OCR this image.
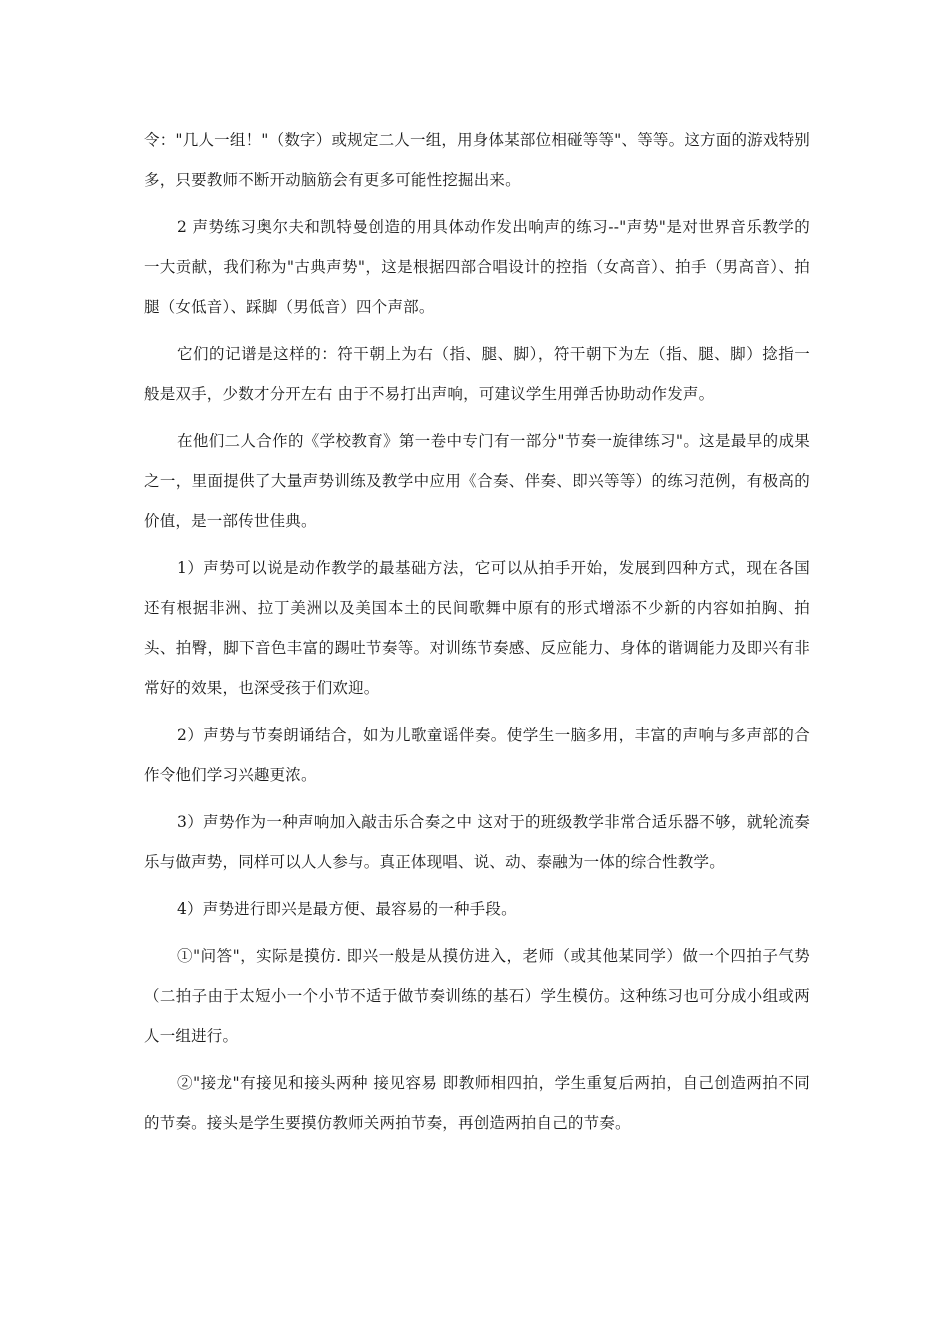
令："几人一组！"（数字）或规定二人一组，用身体某部位相碰等等"、等等。这方面的游戏特别多，只要教师不断开动脑筋会有更多可能性挖掘出来。

2 声势练习奥尔夫和凯特曼创造的用具体动作发出响声的练习--"声势"是对世界音乐教学的一大贡献，我们称为"古典声势"，这是根据四部合唱设计的控指（女高音）、拍手（男高音）、拍腿（女低音）、踩脚（男低音）四个声部。

它们的记谱是这样的：符干朝上为右（指、腿、脚），符干朝下为左（指、腿、脚）捻指一般是双手，少数才分开左右 由于不易打出声响，可建议学生用弹舌协助动作发声。

在他们二人合作的《学校教育》第一卷中专门有一部分"节奏一旋律练习"。这是最早的成果之一，里面提供了大量声势训练及教学中应用《合奏、伴奏、即兴等等）的练习范例，有极高的价值，是一部传世佳典。

1）声势可以说是动作教学的最基础方法，它可以从拍手开始，发展到四种方式，现在各国还有根据非洲、拉丁美洲以及美国本土的民间歌舞中原有的形式增添不少新的内容如拍胸、拍头、拍臀，脚下音色丰富的踢吐节奏等。对训练节奏感、反应能力、身体的谐调能力及即兴有非常好的效果，也深受孩于们欢迎。

2）声势与节奏朗诵结合，如为儿歌童谣伴奏。使学生一脑多用，丰富的声响与多声部的合作令他们学习兴趣更浓。

3）声势作为一种声响加入敲击乐合奏之中 这对于的班级教学非常合适乐器不够，就轮流奏乐与做声势，同样可以人人参与。真正体现唱、说、动、泰融为一体的综合性教学。

4）声势进行即兴是最方便、最容易的一种手段。

①"问答"，实际是摸仿. 即兴一般是从摸仿进入，老师（或其他某同学）做一个四拍子气势（二拍子由于太短小一个小节不适于做节奏训练的基石）学生模仿。这种练习也可分成小组或两人一组进行。

②"接龙"有接见和接头两种 接见容易 即教师相四拍，学生重复后两拍，自己创造两拍不同的节奏。接头是学生要摸仿教师关两拍节奏，再创造两拍自己的节奏。
